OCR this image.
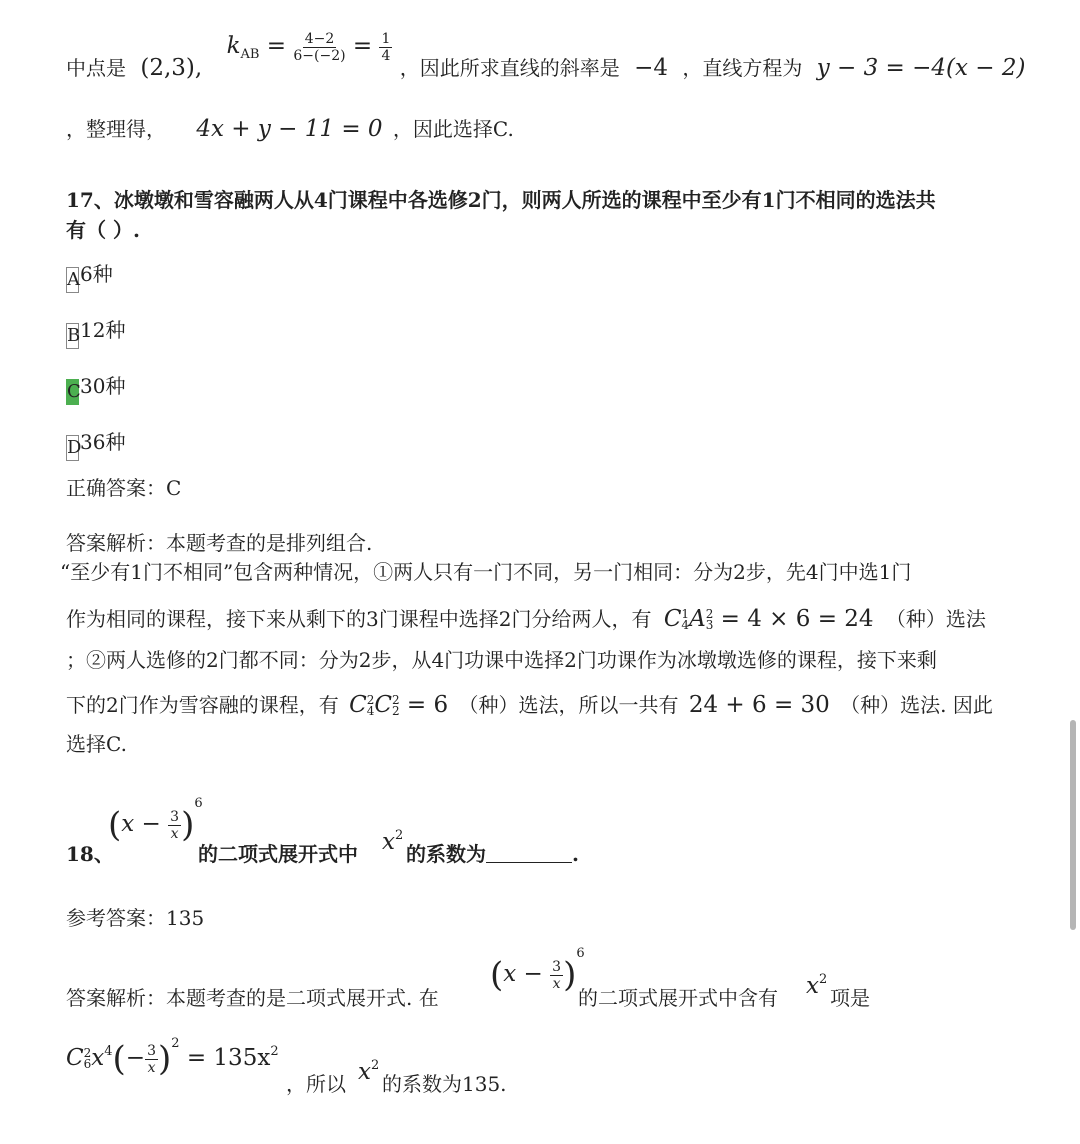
中点是 (2,3), $k_{AB} = \frac{4-2}{6-(-2)} = \frac{1}{4}$
，因此所求直线的斜率是 −4 ，直线方程为 y − 3 = −4(x − 2)
，整理得， 4x + y − 11 = 0 ，因此选择C.
17、冰墩墩和雪容融两人从4门课程中各选修2门，则两人所选的课程中至少有1门不相同的选法共
有（ ）.
A6种
B12种
C30种
D36种
正确答案：C
答案解析：本题考查的是排列组合.
“至少有1门不相同”包含两种情况，①两人只有一门不同，另一门相同：分为2步，先4门中选1门
作为相同的课程，接下来从剩下的3门课程中选择2门分给两人，有 C 1
4 A 2
3 = 4 × 6 = 24 （种）选法
；②两人选修的2门都不同：分为2步，从4门功课中选择2门功课作为冰墩墩选修的课程，接下来剩
下的2门作为雪容融的课程，有 C 2
4 C 2
2 = 6 （种）选法，所以一共有 24 + 6 = 30 （种）选法. 因此
选择C.
18、
$(x - \frac{3}{x} )^6$
的二项式展开式中 $x^2$
的系数为	.
参考答案：135
答案解析：本题考查的是二项式展开式. 在
$(x - \frac{3}{x} )^6$
的二项式展开式中含有 $x^2$
项是
C 2
6 $x^4(- \frac{3}{x} )^2 = 135x^2$
，所以 $x^2$
的系数为135.
